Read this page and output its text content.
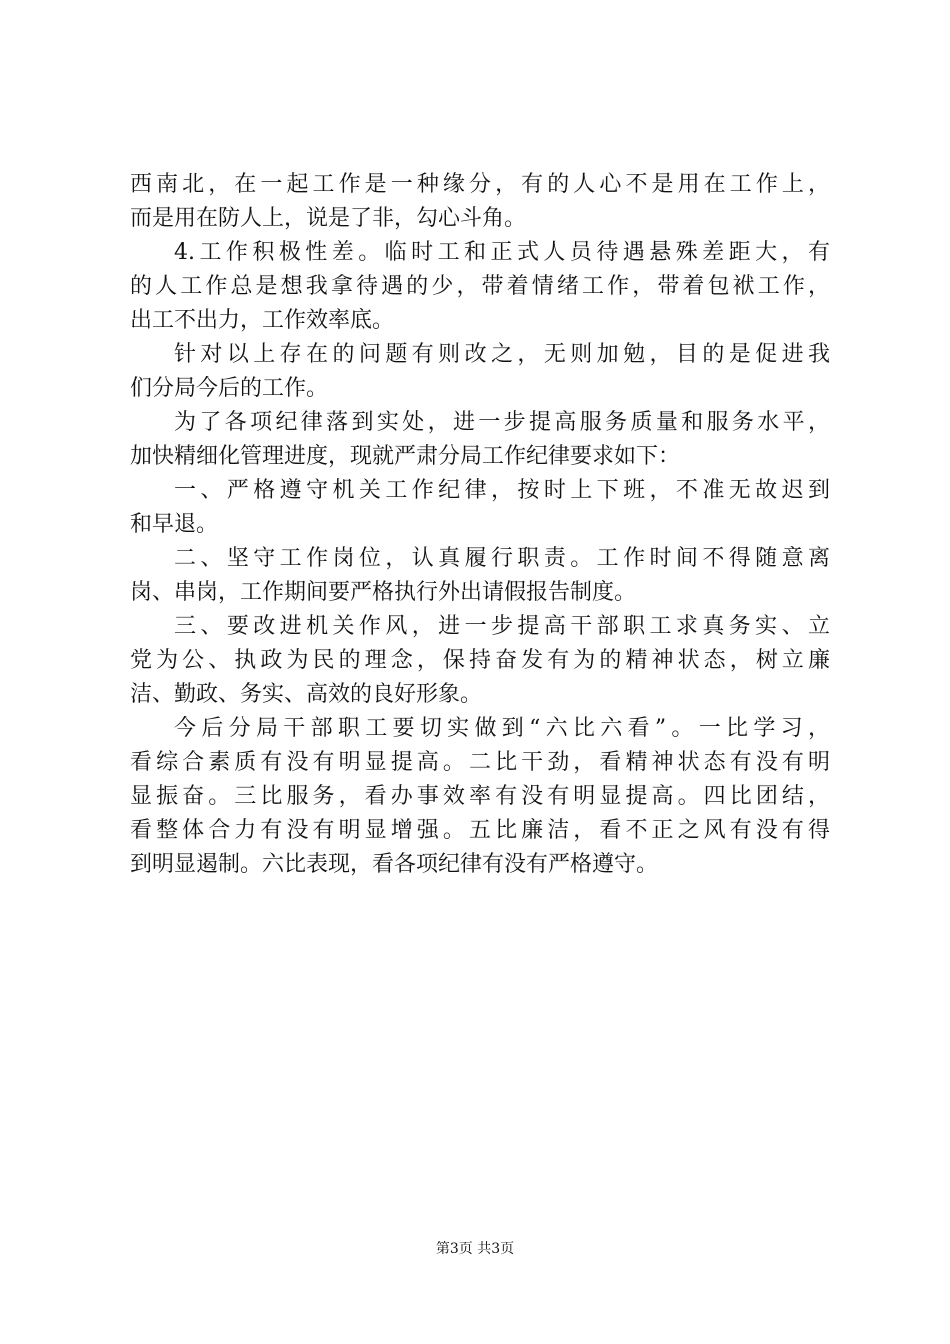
西南北，在一起工作是一种缘分，有的人心不是用在工作上，
而是用在防人上，说是了非，勾心斗角。
4.工作积极性差。临时工和正式人员待遇悬殊差距大，有
的人工作总是想我拿待遇的少，带着情绪工作，带着包袱工作，
出工不出力，工作效率底。
针对以上存在的问题有则改之，无则加勉，目的是促进我
们分局今后的工作。
为了各项纪律落到实处，进一步提高服务质量和服务水平，
加快精细化管理进度，现就严肃分局工作纪律要求如下：
一、严格遵守机关工作纪律，按时上下班，不准无故迟到
和早退。
二、坚守工作岗位，认真履行职责。工作时间不得随意离
岗、串岗，工作期间要严格执行外出请假报告制度。
三、要改进机关作风，进一步提高干部职工求真务实、立
党为公、执政为民的理念，保持奋发有为的精神状态，树立廉
洁、勤政、务实、高效的良好形象。
今后分局干部职工要切实做到“六比六看”。一比学习，
看综合素质有没有明显提高。二比干劲，看精神状态有没有明
显振奋。三比服务，看办事效率有没有明显提高。四比团结，
看整体合力有没有明显增强。五比廉洁，看不正之风有没有得
到明显遏制。六比表现，看各项纪律有没有严格遵守。
第3页 共3页
